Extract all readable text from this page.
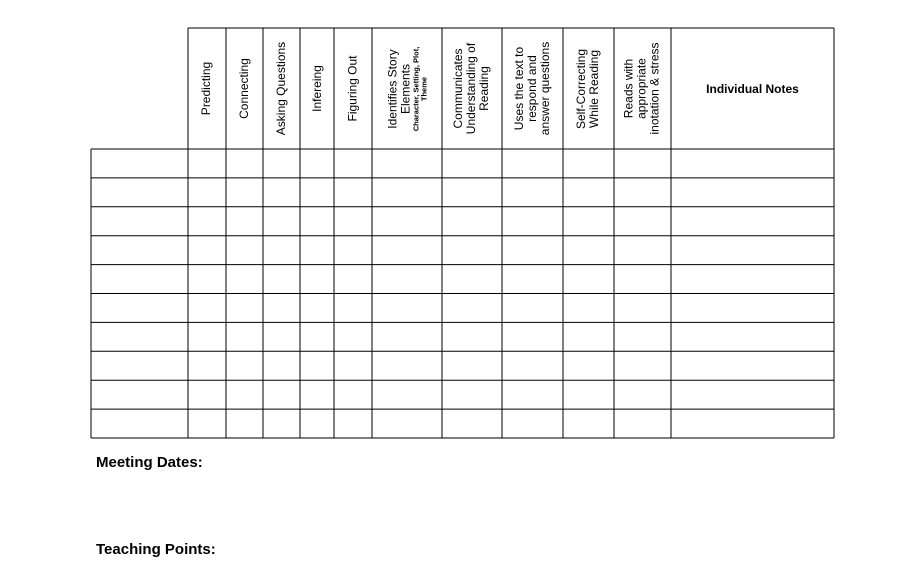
Predicting Connecting Asking Questions Infereing Figuring Out Identifies Story Elements Character, Setting, Plot, Theme Communicates Understanding of Reading Uses the text to respond and answer questions Self-Correcting While Reading Reads with appropriate inotation & stress	Individual Notes
Meeting Dates:
Teaching Points:
